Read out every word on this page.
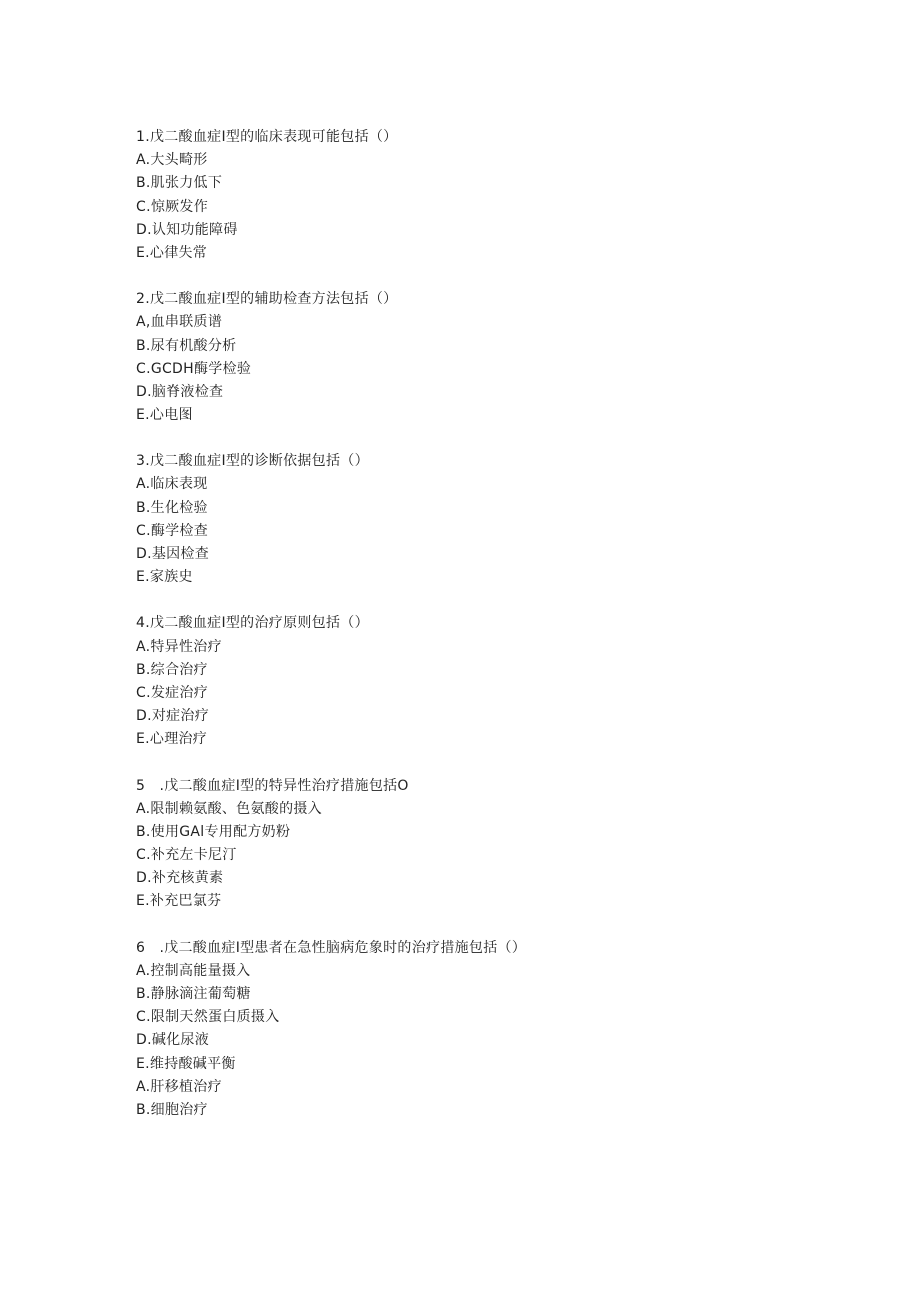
1.戊二酸血症I型的临床表现可能包括（）
A.大头畸形
B.肌张力低下
C.惊厥发作
D.认知功能障碍
E.心律失常
2.戊二酸血症I型的辅助检查方法包括（）
A,血串联质谱
B.尿有机酸分析
C.GCDH酶学检验
D.脑脊液检查
E.心电图
3.戊二酸血症I型的诊断依据包括（）
A.临床表现
B.生化检验
C.酶学检查
D.基因检查
E.家族史
4.戊二酸血症I型的治疗原则包括（）
A.特异性治疗
B.综合治疗
C.发症治疗
D.对症治疗
E.心理治疗
5   .戊二酸血症I型的特异性治疗措施包括O
A.限制赖氨酸、色氨酸的摄入
B.使用GAl专用配方奶粉
C.补充左卡尼汀
D.补充核黄素
E.补充巴氯芬
6   .戊二酸血症I型患者在急性脑病危象时的治疗措施包括（）
A.控制高能量摄入
B.静脉滴注葡萄糖
C.限制天然蛋白质摄入
D.碱化尿液
E.维持酸碱平衡
A.肝移植治疗
B.细胞治疗
